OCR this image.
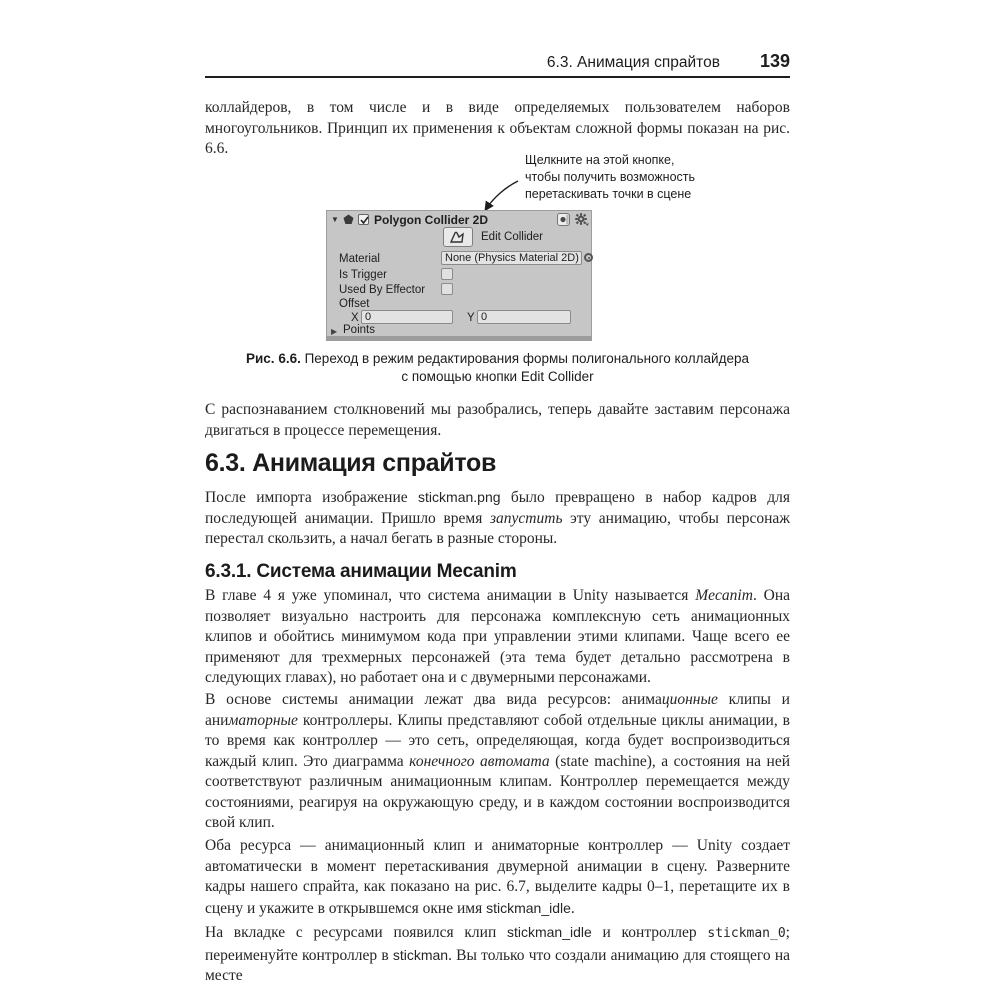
6.3. Анимация спрайтов 139
коллайдеров, в том числе и в виде определяемых пользователем наборов многоугольников. Принцип их применения к объектам сложной формы показан на рис. 6.6.
Щелкните на этой кнопке,
чтобы получить возможность
перетаскивать точки в сцене
▼	Polygon Collider 2D
Edit Collider
Material	None (Physics Material 2D)
Is Trigger
Used By Effector
Offset
X 0	Y 0
▶ Points
Рис. 6.6. Переход в режим редактирования формы полигонального коллайдера
с помощью кнопки Edit Collider
С распознаванием столкновений мы разобрались, теперь давайте заставим персонажа двигаться в процессе перемещения.
6.3. Анимация спрайтов
После импорта изображение stickman.png было превращено в набор кадров для последующей анимации. Пришло время запустить эту анимацию, чтобы персонаж перестал скользить, а начал бегать в разные стороны.
6.3.1. Система анимации Mecanim
В главе 4 я уже упоминал, что система анимации в Unity называется Mecanim. Она позволяет визуально настроить для персонажа комплексную сеть анимационных клипов и обойтись минимумом кода при управлении этими клипами. Чаще всего ее применяют для трехмерных персонажей (эта тема будет детально рассмотрена в следующих главах), но работает она и с двумерными персонажами.
В основе системы анимации лежат два вида ресурсов: анимационные клипы и аниматорные контроллеры. Клипы представляют собой отдельные циклы анимации, в то время как контроллер — это сеть, определяющая, когда будет воспроизводиться каждый клип. Это диаграмма конечного автомата (state machine), а состояния на ней соответствуют различным анимационным клипам. Контроллер перемещается между состояниями, реагируя на окружающую среду, и в каждом состоянии воспроизводится свой клип.
Оба ресурса — анимационный клип и аниматорные контроллер — Unity создает автоматически в момент перетаскивания двумерной анимации в сцену. Разверните кадры нашего спрайта, как показано на рис. 6.7, выделите кадры 0–1, перетащите их в сцену и укажите в открывшемся окне имя stickman_idle.
На вкладке с ресурсами появился клип stickman_idle и контроллер stickman_0; переименуйте контроллер в stickman. Вы только что создали анимацию для стоящего на месте
